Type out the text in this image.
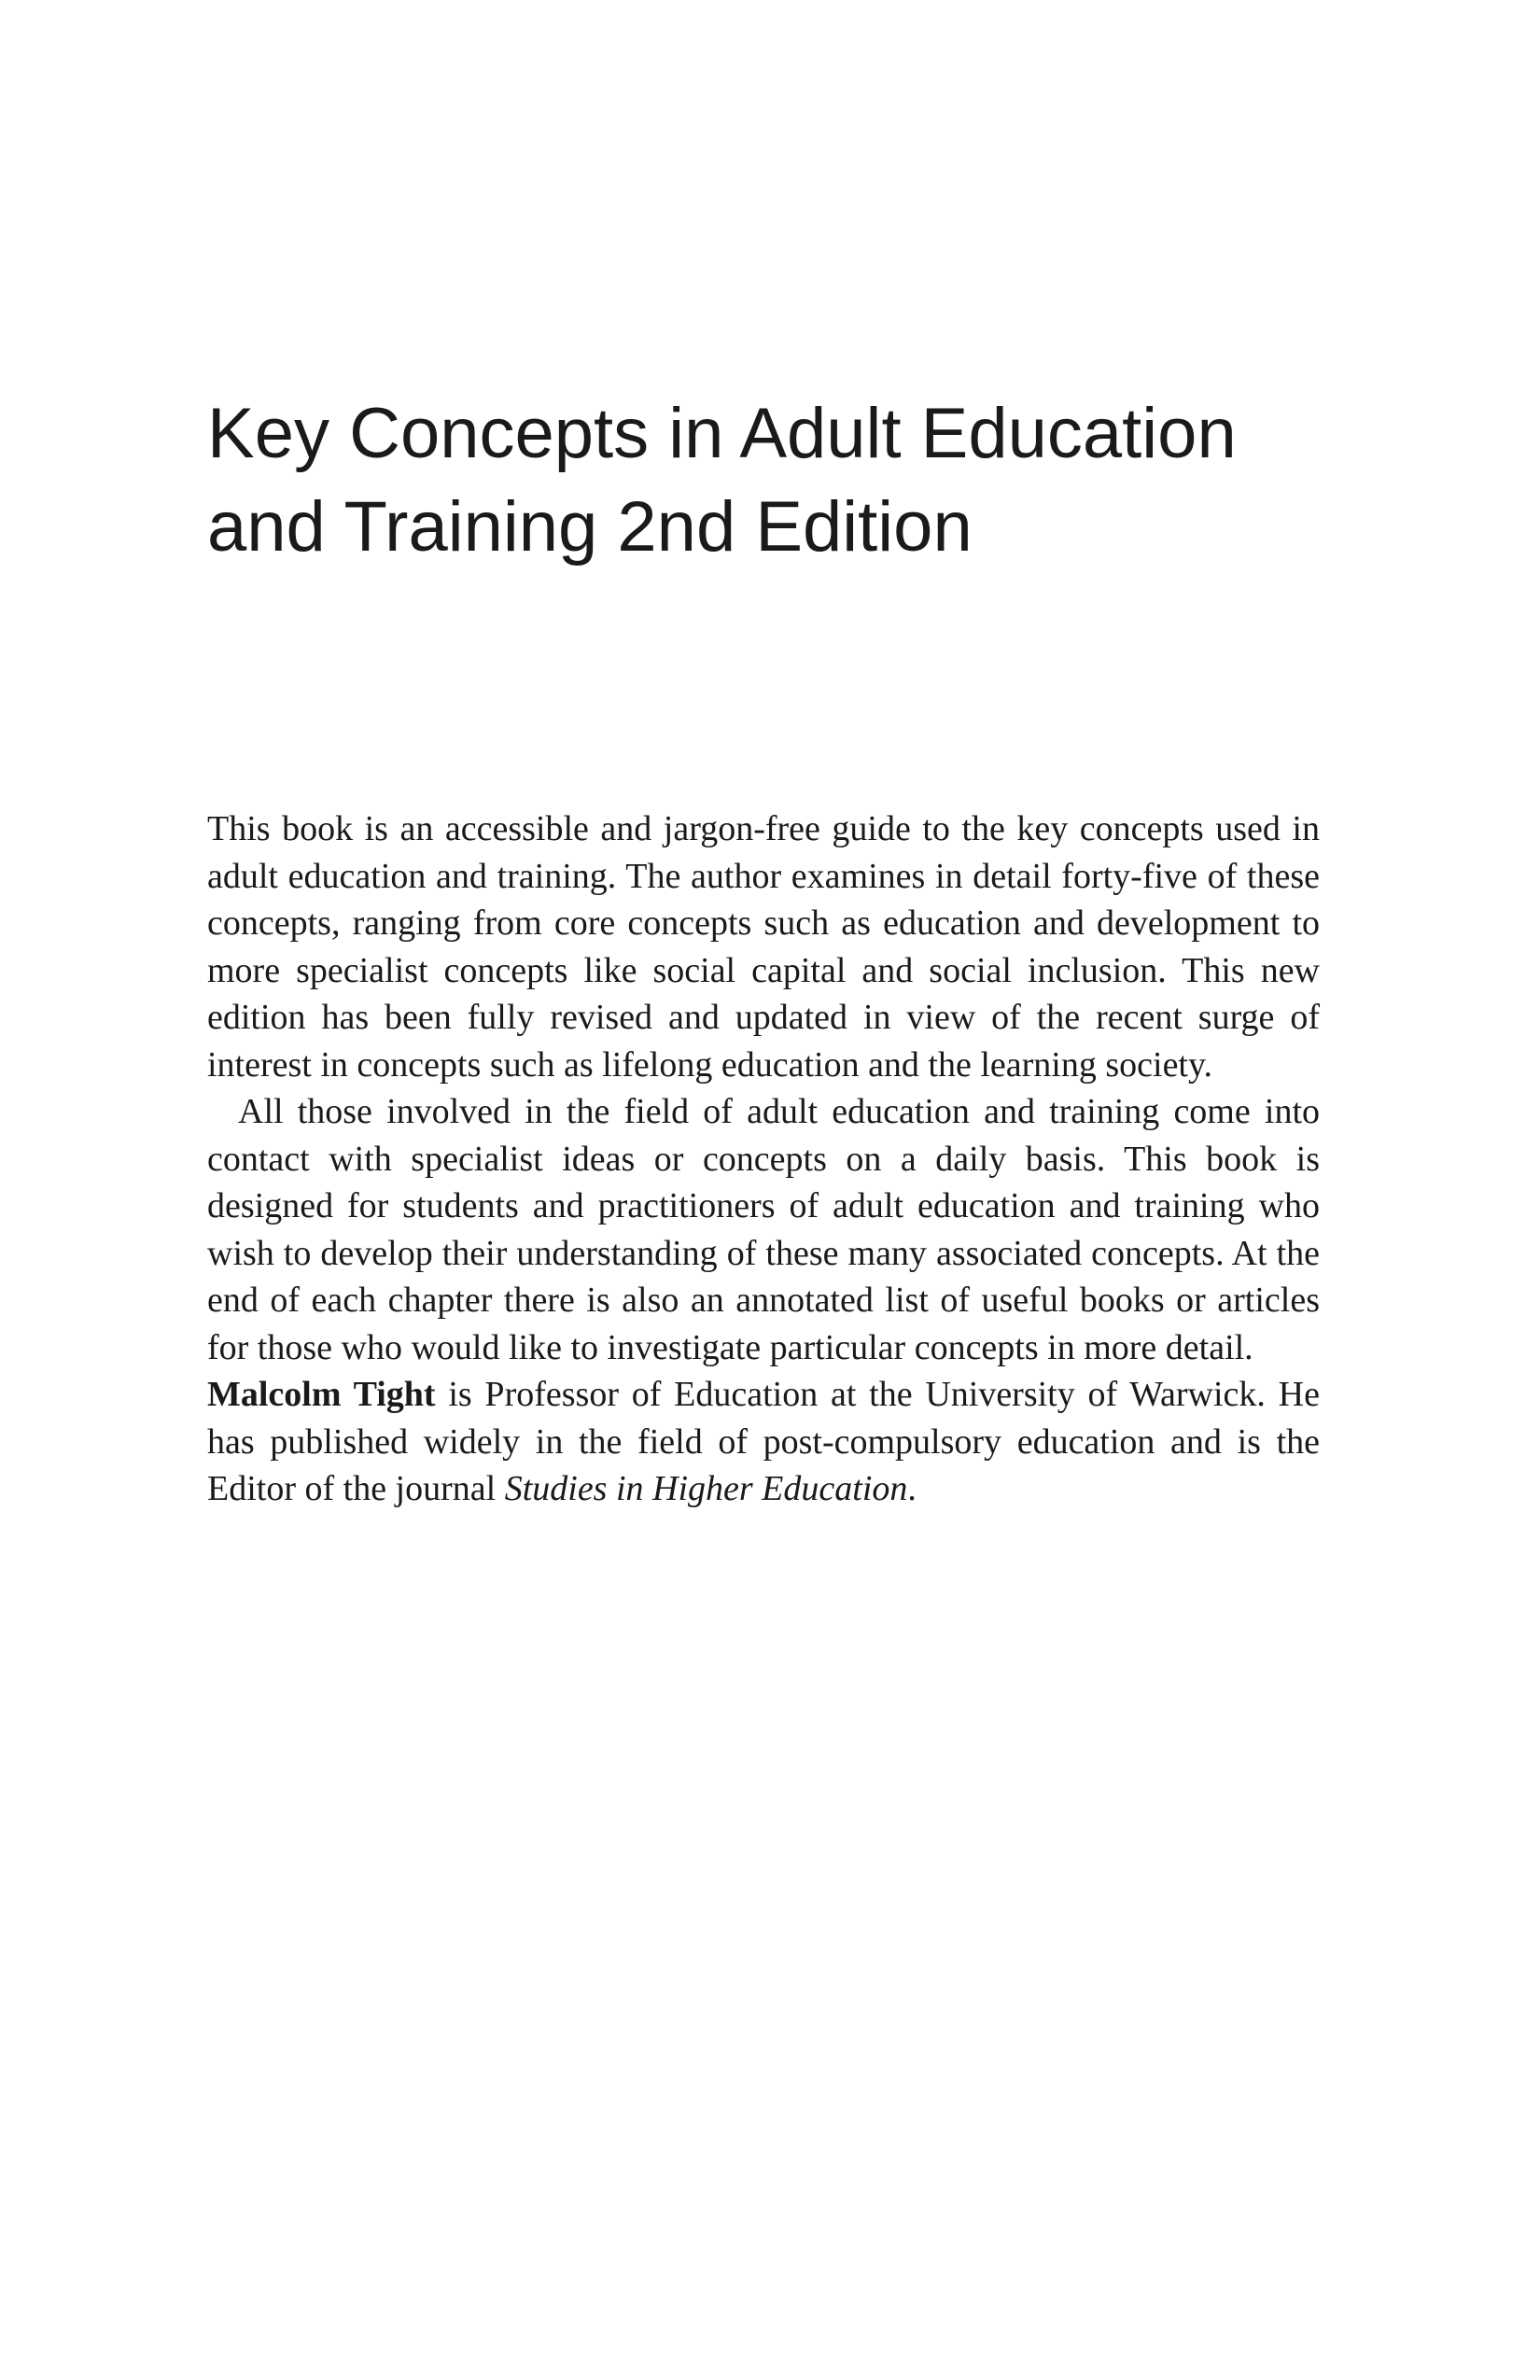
Key Concepts in Adult Education
and Training 2nd Edition

This book is an accessible and jargon-free guide to the key concepts used in adult education and training. The author examines in detail forty-five of these concepts, ranging from core concepts such as education and development to more specialist concepts like social capital and social inclusion. This new edition has been fully revised and updated in view of the recent surge of interest in concepts such as lifelong education and the learning society.

All those involved in the field of adult education and training come into contact with specialist ideas or concepts on a daily basis. This book is designed for students and practitioners of adult education and training who wish to develop their understanding of these many associated concepts. At the end of each chapter there is also an annotated list of useful books or articles for those who would like to investigate particular concepts in more detail.

Malcolm Tight is Professor of Education at the University of Warwick. He has published widely in the field of post-compulsory education and is the Editor of the journal Studies in Higher Education.
